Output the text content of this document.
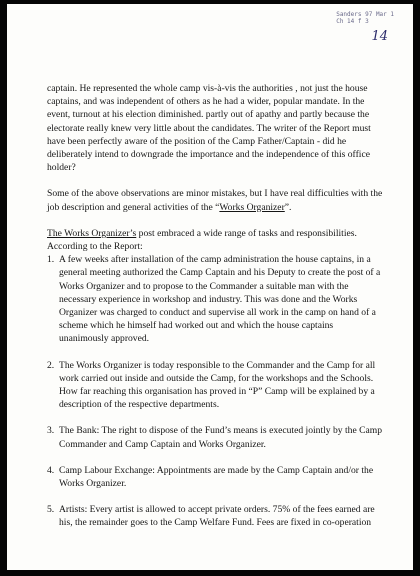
Sanders 97 Mar 1
Ch 14 f 3
14

captain. He represented the whole camp vis-à-vis the authorities , not just the house captains, and was independent of others as he had a wider, popular mandate. In the event, turnout at his election diminished. partly out of apathy and partly because the electorate really knew very little about the candidates. The writer of the Report must have been perfectly aware of the position of the Camp Father/Captain - did he deliberately intend to downgrade the importance and the independence of this office holder?

Some of the above observations are minor mistakes, but I have real difficulties with the job description and general activities of the “Works Organizer”.

The Works Organizer’s post embraced a wide range of tasks and responsibilities.

According to the Report:

1. A few weeks after installation of the camp administration the house captains, in a general meeting authorized the Camp Captain and his Deputy to create the post of a Works Organizer and to propose to the Commander a suitable man with the necessary experience in workshop and industry. This was done and the Works Organizer was charged to conduct and supervise all work in the camp on hand of a scheme which he himself had worked out and which the house captains unanimously approved.
2. The Works Organizer is today responsible to the Commander and the Camp for all work carried out inside and outside the Camp, for the workshops and the Schools. How far reaching this organisation has proved in “P” Camp will be explained by a description of the respective departments.
3. The Bank: The right to dispose of the Fund’s means is executed jointly by the Camp Commander and Camp Captain and Works Organizer.
4. Camp Labour Exchange: Appointments are made by the Camp Captain and/or the Works Organizer.
5. Artists: Every artist is allowed to accept private orders. 75% of the fees earned are his, the remainder goes to the Camp Welfare Fund. Fees are fixed in co-operation
